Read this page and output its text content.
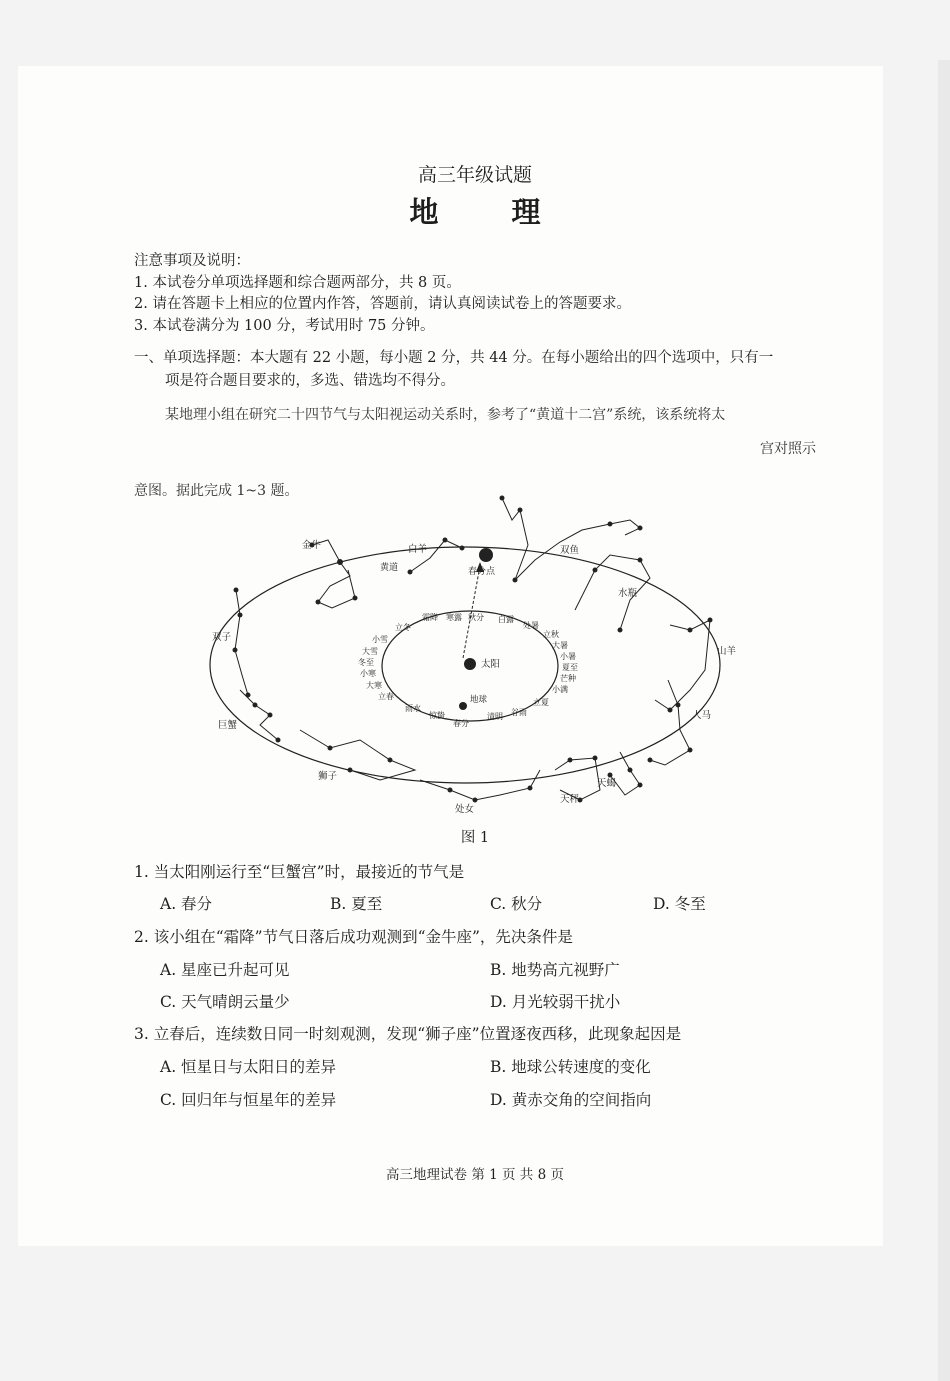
高三年级试题
地　理
注意事项及说明：
1. 本试卷分单项选择题和综合题两部分，共 8 页。
2. 请在答题卡上相应的位置内作答，答题前，请认真阅读试卷上的答题要求。
3. 本试卷满分为 100 分，考试用时 75 分钟。
一、单项选择题：本大题有 22 小题，每小题 2 分，共 44 分。在每小题给出的四个选项中，只有一
项是符合题目要求的，多选、错选均不得分。
某地理小组在研究二十四节气与太阳视运动关系时，参考了“黄道十二宫”系统，该系统将太
宫对照示
金牛	白羊	双鱼
水瓶
山羊
人马
天蝎
天秤
处女
狮子
巨蟹
双子
黄道	春分点
太阳
地球
霜降 寒露 秋分 白露
处暑
立秋
大暑
小暑
夏至
芒种
小满
立夏
谷雨
清明
春分
惊蛰
雨水
立春
大寒
小寒
冬至
大雪
小雪
立冬
图 1
1. 当太阳刚运行至“巨蟹宫”时，最接近的节气是
A. 春分	B. 夏至	C. 秋分	D. 冬至
2. 该小组在“霜降”节气日落后成功观测到“金牛座”，先决条件是
A. 星座已升起可见	B. 地势高亢视野广
C. 天气晴朗云量少	D. 月光较弱干扰小
3. 立春后，连续数日同一时刻观测，发现“狮子座”位置逐夜西移，此现象起因是
A. 恒星日与太阳日的差异	B. 地球公转速度的变化
C. 回归年与恒星年的差异	D. 黄赤交角的空间指向
高三地理试卷 第 1 页 共 8 页
